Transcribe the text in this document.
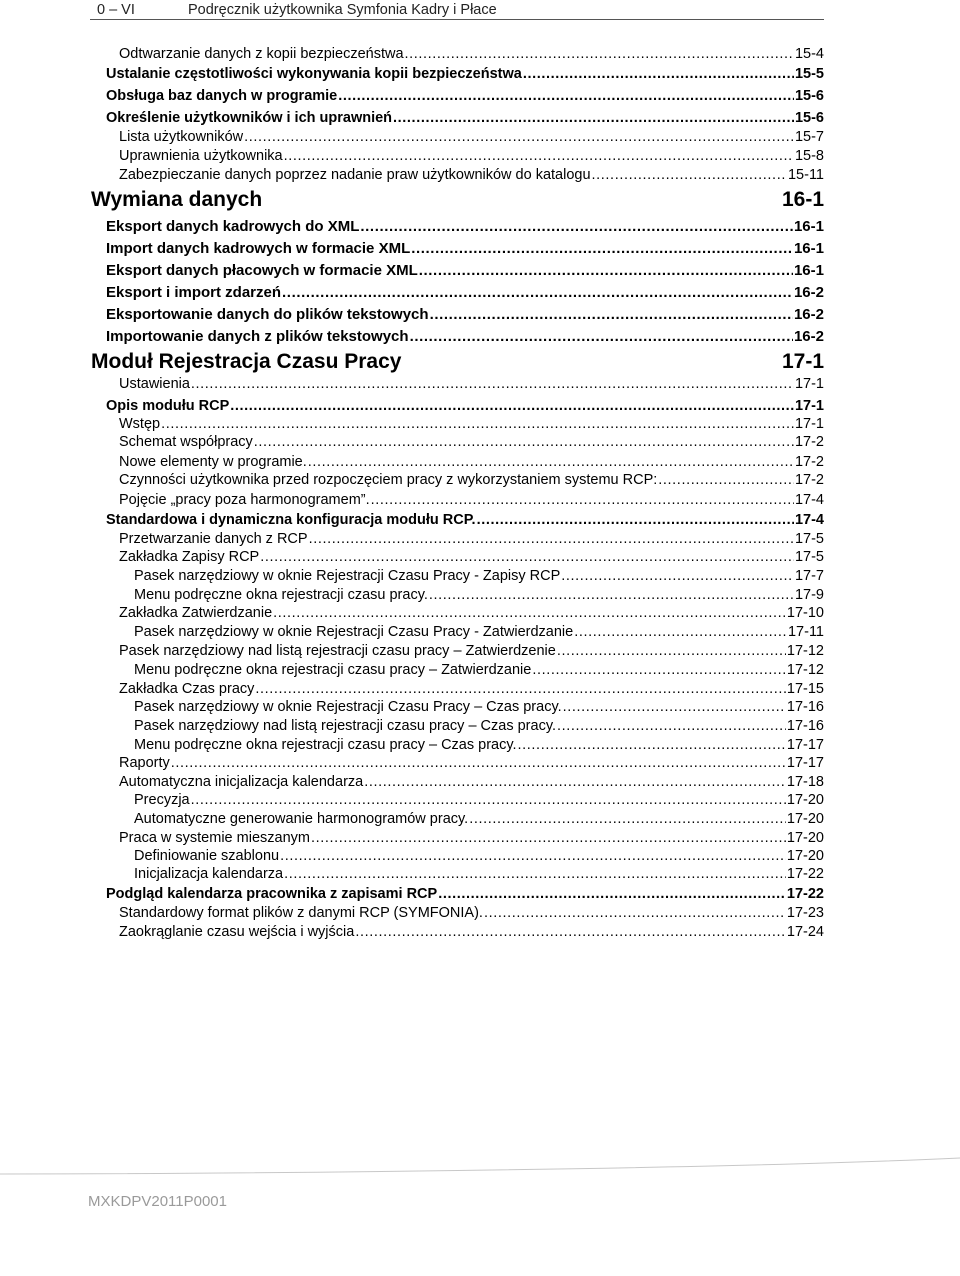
0 – VI	Podręcznik użytkownika Symfonia Kadry i Płace
Odtwarzanie danych z kopii bezpieczeństwa .....	15-4
Ustalanie częstotliwości wykonywania kopii bezpieczeństwa .....	15-5
Obsługa baz danych w programie .....	15-6
Określenie użytkowników i ich uprawnień .....	15-6
Lista użytkowników .....	15-7
Uprawnienia użytkownika .....	15-8
Zabezpieczanie danych poprzez nadanie praw użytkowników do katalogu .....	15-11
Wymiana danych	16-1
Eksport danych kadrowych do XML .....	16-1
Import danych kadrowych w formacie XML .....	16-1
Eksport danych płacowych w formacie XML .....	16-1
Eksport i import zdarzeń .....	16-2
Eksportowanie danych do plików tekstowych .....	16-2
Importowanie danych z plików tekstowych .....	16-2
Moduł Rejestracja Czasu Pracy	17-1
Ustawienia .....	17-1
Opis modułu RCP .....	17-1
Wstęp .....	17-1
Schemat współpracy .....	17-2
Nowe elementy w programie. .....	17-2
Czynności użytkownika przed rozpoczęciem pracy z wykorzystaniem systemu RCP: .....	17-2
Pojęcie „pracy poza harmonogramem”. .....	17-4
Standardowa i dynamiczna konfiguracja modułu RCP. .....	17-4
Przetwarzanie danych z RCP .....	17-5
Zakładka Zapisy RCP .....	17-5
Pasek narzędziowy w oknie Rejestracji Czasu Pracy - Zapisy RCP .....	17-7
Menu podręczne okna rejestracji czasu pracy. .....	17-9
Zakładka Zatwierdzanie .....	17-10
Pasek narzędziowy w oknie Rejestracji Czasu Pracy - Zatwierdzanie .....	17-11
Pasek narzędziowy nad listą rejestracji czasu pracy – Zatwierdzenie .....	17-12
Menu podręczne okna rejestracji czasu pracy – Zatwierdzanie .....	17-12
Zakładka Czas pracy .....	17-15
Pasek narzędziowy w oknie Rejestracji Czasu Pracy – Czas pracy. .....	17-16
Pasek narzędziowy nad listą rejestracji czasu pracy – Czas pracy. .....	17-16
Menu podręczne okna rejestracji czasu pracy – Czas pracy. .....	17-17
Raporty .....	17-17
Automatyczna inicjalizacja kalendarza .....	17-18
Precyzja .....	17-20
Automatyczne generowanie harmonogramów pracy. .....	17-20
Praca w systemie mieszanym .....	17-20
Definiowanie szablonu .....	17-20
Inicjalizacja kalendarza .....	17-22
Podgląd kalendarza pracownika z zapisami RCP .....	17-22
Standardowy format plików z danymi RCP (SYMFONIA). .....	17-23
Zaokrąglanie czasu wejścia i wyjścia .....	17-24
MXKDPV2011P0001
